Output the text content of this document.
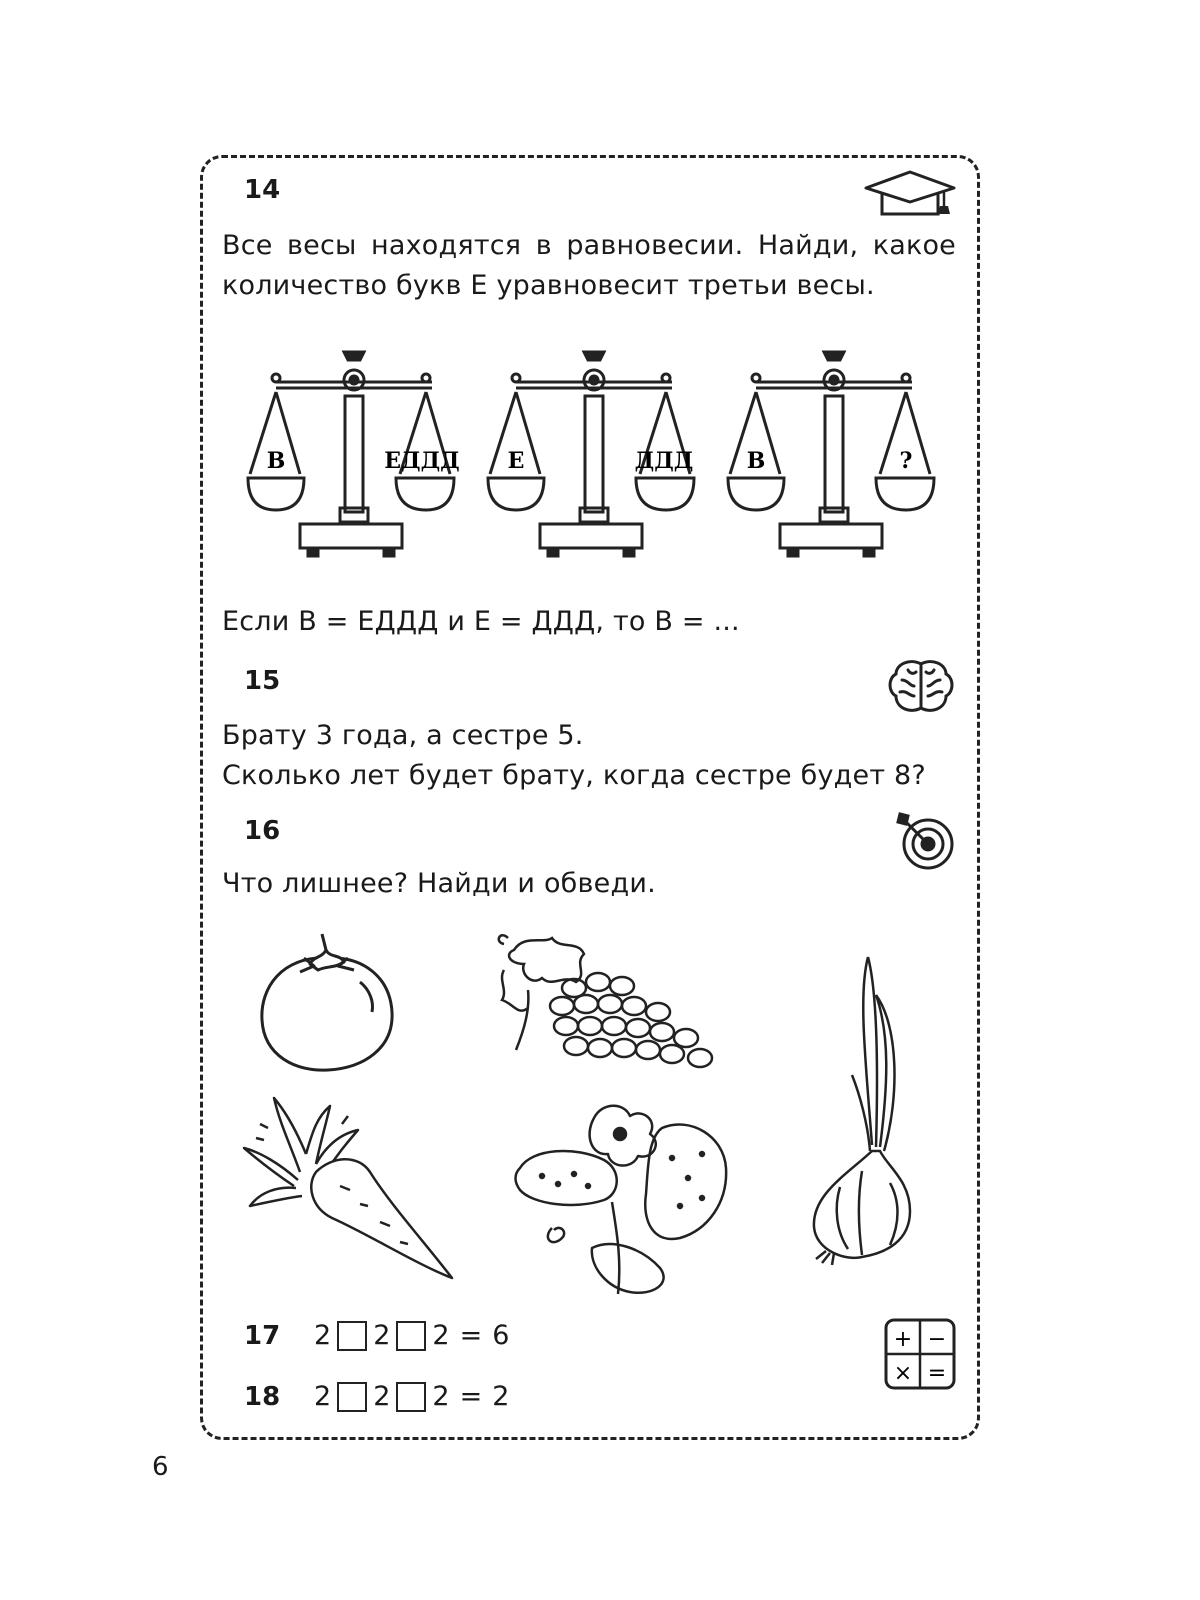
14
Все весы находятся в равновесии. Найди, какое
количество букв Е уравновесит третьи весы.
В	ЕДДД Е	ДДД В	?
Если В = ЕДДД и Е = ДДД, то В = ...
15
Брату 3 года, а сестре 5.
Сколько лет будет брату, когда сестре будет 8?
16
Что лишнее? Найди и обведи.
17 2 2 2 = 6
18 2 2 2 = 2
+ −
× =
6
